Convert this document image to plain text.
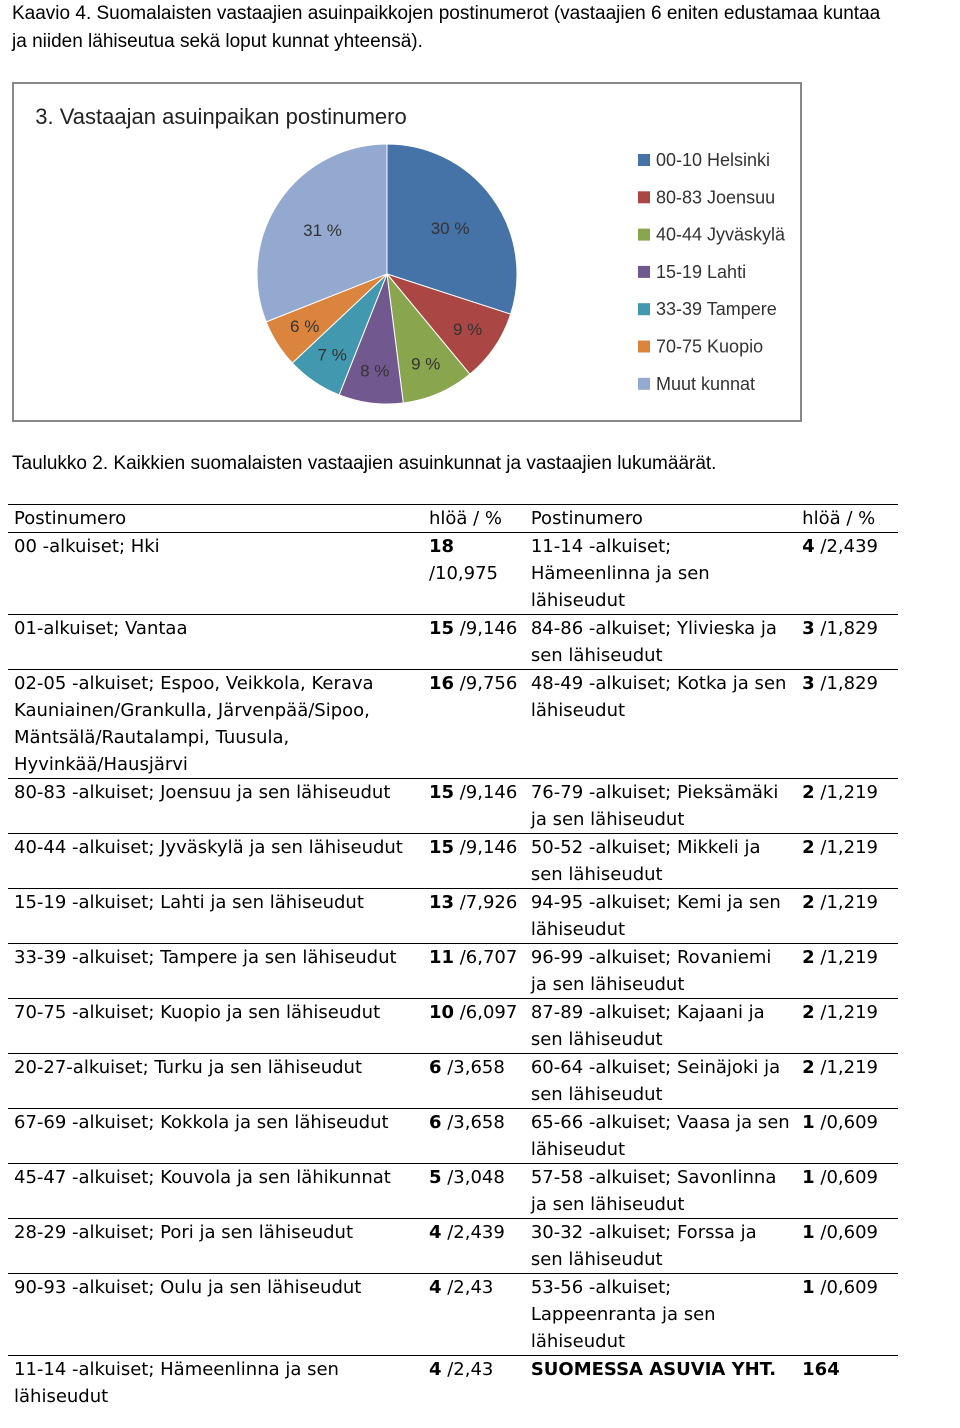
Kaavio 4. Suomalaisten vastaajien asuinpaikkojen postinumerot (vastaajien 6 eniten edustamaa kuntaa
ja niiden lähiseutua sekä loput kunnat yhteensä).
3. Vastaajan asuinpaikan postinumero
30 %
9 %
9 %
8 %
7 %
6 %
31 %
00-10 Helsinki
80-83 Joensuu
40-44 Jyväskylä
15-19 Lahti
33-39 Tampere
70-75 Kuopio
Muut kunnat
Taulukko 2. Kaikkien suomalaisten vastaajien asuinkunnat ja vastaajien lukumäärät.
Postinumero	hlöä / %	Postinumero	hlöä / %
00 -alkuiset; Hki	18 /10,975	11-14 -alkuiset; Hämeenlinna ja sen lähiseudut	4 /2,439
01-alkuiset; Vantaa	15 /9,146	84-86 -alkuiset; Ylivieska ja sen lähiseudut	3 /1,829
02-05 -alkuiset; Espoo, Veikkola, Kerava Kauniainen/Grankulla, Järvenpää/Sipoo, Mäntsälä/Rautalampi, Tuusula, Hyvinkää/Hausjärvi	16 /9,756	48-49 -alkuiset; Kotka ja sen lähiseudut	3 /1,829
80-83 -alkuiset; Joensuu ja sen lähiseudut	15 /9,146	76-79 -alkuiset; Pieksämäki ja sen lähiseudut	2 /1,219
40-44 -alkuiset; Jyväskylä ja sen lähiseudut	15 /9,146	50-52 -alkuiset; Mikkeli ja sen lähiseudut	2 /1,219
15-19 -alkuiset; Lahti ja sen lähiseudut	13 /7,926	94-95 -alkuiset; Kemi ja sen lähiseudut	2 /1,219
33-39 -alkuiset; Tampere ja sen lähiseudut	11 /6,707	96-99 -alkuiset; Rovaniemi ja sen lähiseudut	2 /1,219
70-75 -alkuiset; Kuopio ja sen lähiseudut	10 /6,097	87-89 -alkuiset; Kajaani ja sen lähiseudut	2 /1,219
20-27-alkuiset; Turku ja sen lähiseudut	6 /3,658	60-64 -alkuiset; Seinäjoki ja sen lähiseudut	2 /1,219
67-69 -alkuiset; Kokkola ja sen lähiseudut	6 /3,658	65-66 -alkuiset; Vaasa ja sen lähiseudut	1 /0,609
45-47 -alkuiset; Kouvola ja sen lähikunnat	5 /3,048	57-58 -alkuiset; Savonlinna ja sen lähiseudut	1 /0,609
28-29 -alkuiset; Pori ja sen lähiseudut	4 /2,439	30-32 -alkuiset; Forssa ja sen lähiseudut	1 /0,609
90-93 -alkuiset; Oulu ja sen lähiseudut	4 /2,43	53-56 -alkuiset; Lappeenranta ja sen lähiseudut	1 /0,609
11-14 -alkuiset; Hämeenlinna ja sen lähiseudut	4 /2,43	SUOMESSA ASUVIA YHT.	164
